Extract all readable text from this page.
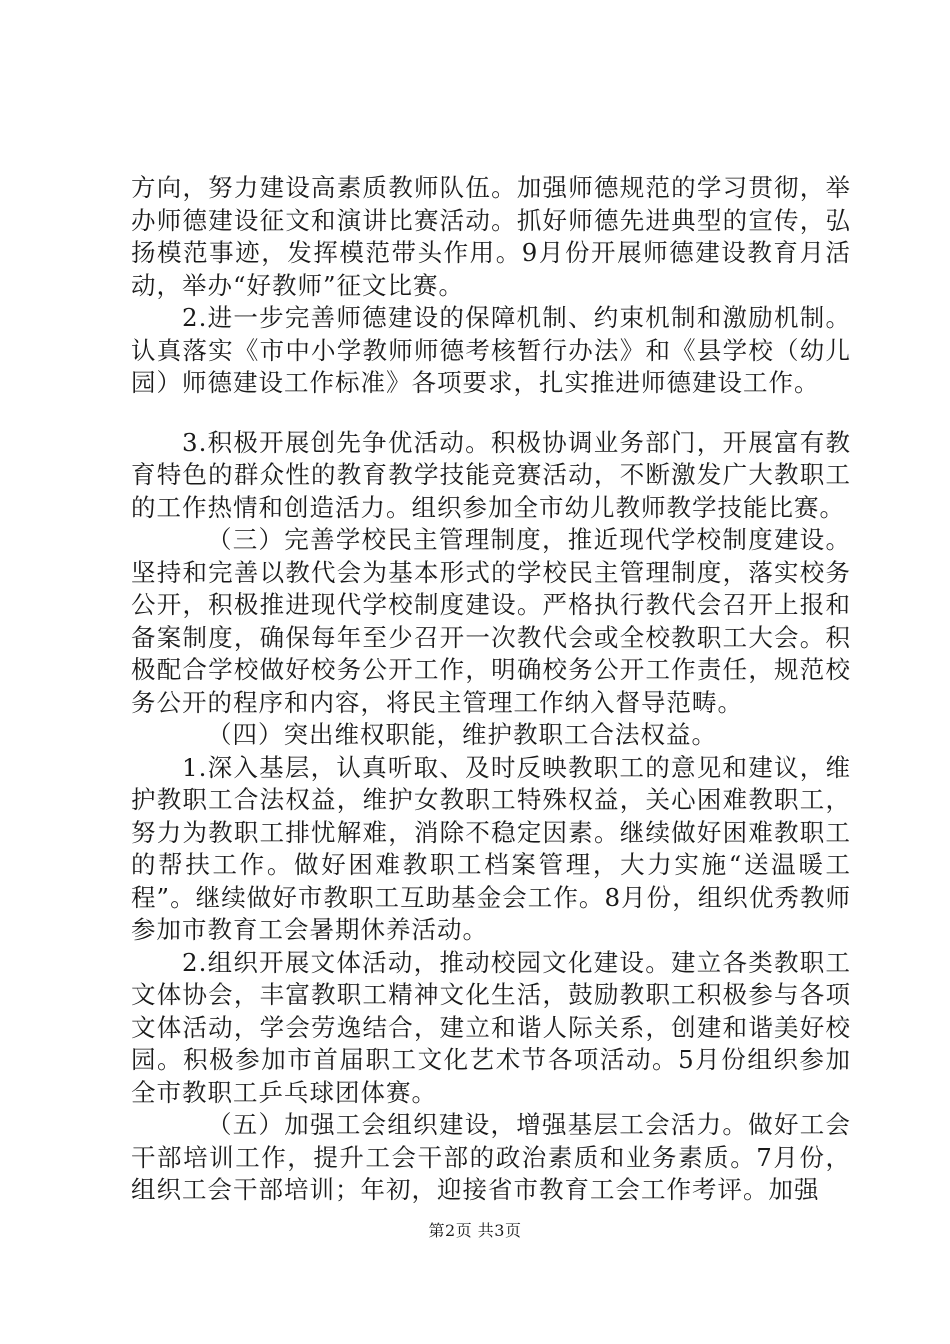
方向，努力建设高素质教师队伍。加强师德规范的学习贯彻，举办师德建设征文和演讲比赛活动。抓好师德先进典型的宣传，弘扬模范事迹，发挥模范带头作用。9月份开展师德建设教育月活动，举办“好教师”征文比赛。

2.进一步完善师德建设的保障机制、约束机制和激励机制。认真落实《市中小学教师师德考核暂行办法》和《县学校（幼儿园）师德建设工作标准》各项要求，扎实推进师德建设工作。

3.积极开展创先争优活动。积极协调业务部门，开展富有教育特色的群众性的教育教学技能竞赛活动，不断激发广大教职工的工作热情和创造活力。组织参加全市幼儿教师教学技能比赛。

（三）完善学校民主管理制度，推近现代学校制度建设。坚持和完善以教代会为基本形式的学校民主管理制度，落实校务公开，积极推进现代学校制度建设。严格执行教代会召开上报和备案制度，确保每年至少召开一次教代会或全校教职工大会。积极配合学校做好校务公开工作，明确校务公开工作责任，规范校务公开的程序和内容，将民主管理工作纳入督导范畴。

（四）突出维权职能，维护教职工合法权益。

1.深入基层，认真听取、及时反映教职工的意见和建议，维护教职工合法权益，维护女教职工特殊权益，关心困难教职工，努力为教职工排忧解难，消除不稳定因素。继续做好困难教职工的帮扶工作。做好困难教职工档案管理，大力实施“送温暖工程”。继续做好市教职工互助基金会工作。8月份，组织优秀教师参加市教育工会暑期休养活动。

2.组织开展文体活动，推动校园文化建设。建立各类教职工文体协会，丰富教职工精神文化生活，鼓励教职工积极参与各项文体活动，学会劳逸结合，建立和谐人际关系，创建和谐美好校园。积极参加市首届职工文化艺术节各项活动。5月份组织参加全市教职工乒乓球团体赛。

（五）加强工会组织建设，增强基层工会活力。做好工会干部培训工作，提升工会干部的政治素质和业务素质。7月份，组织工会干部培训；年初，迎接省市教育工会工作考评。加强

第2页 共3页
